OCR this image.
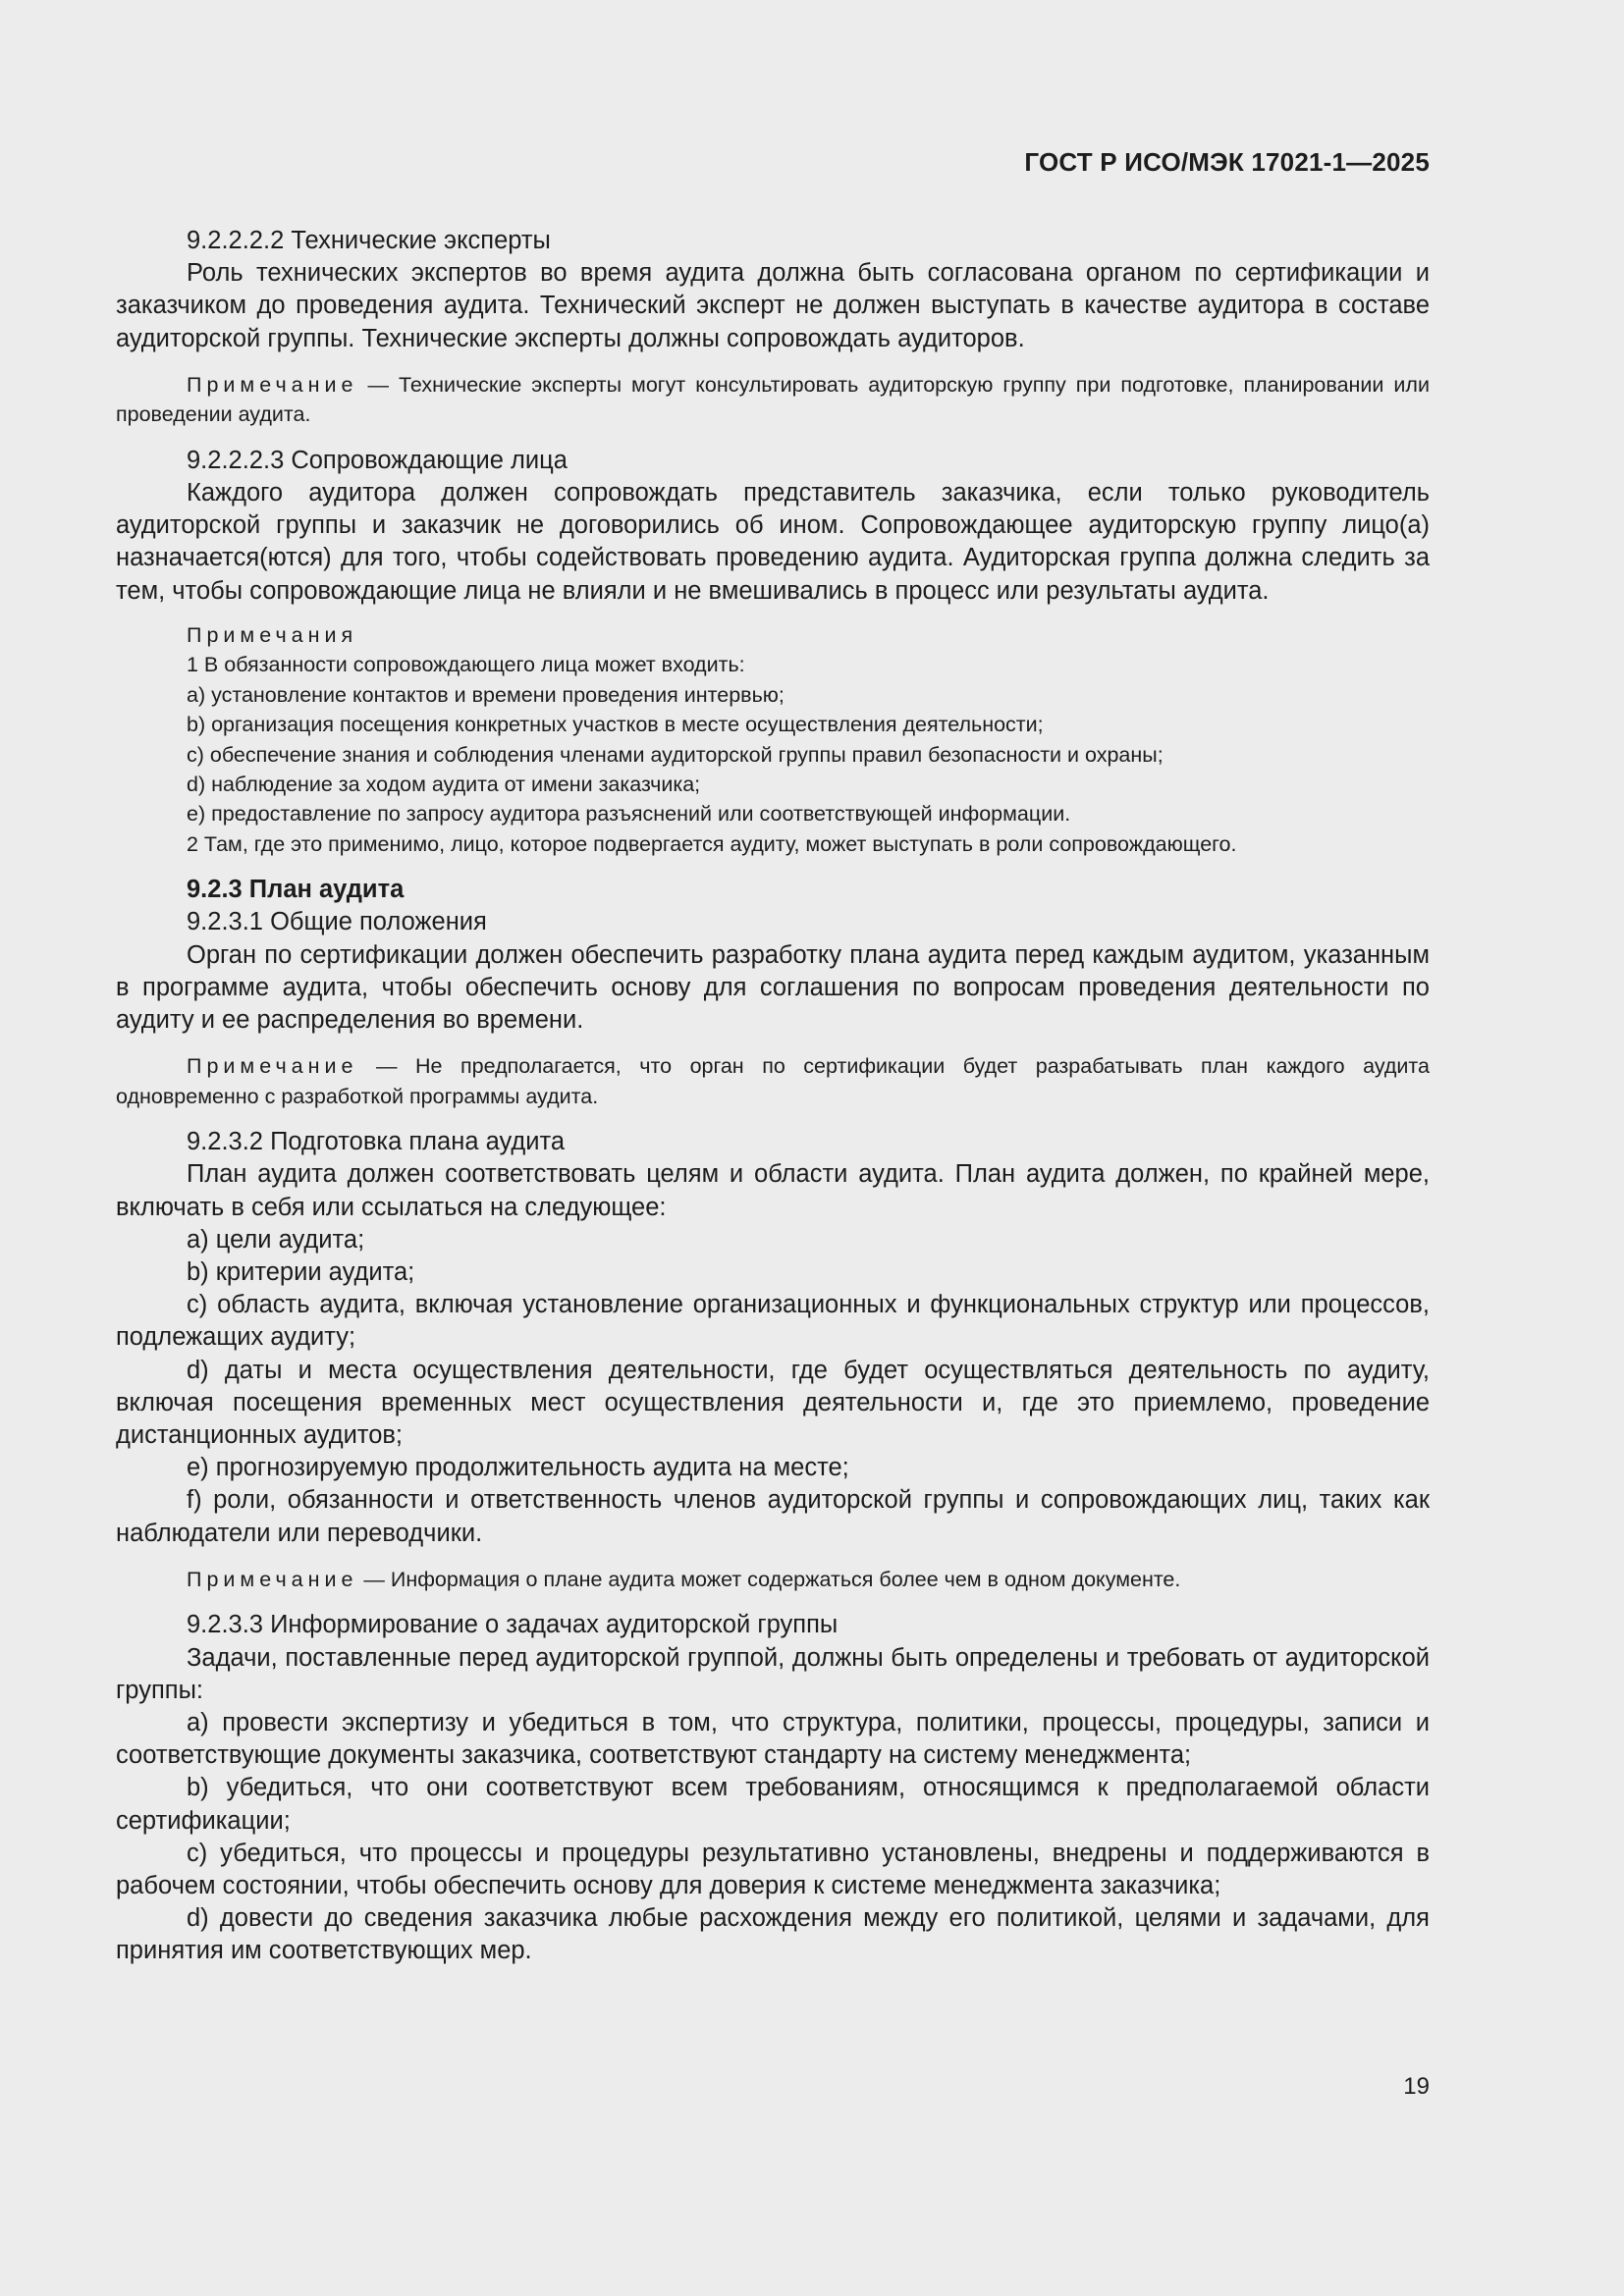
ГОСТ Р ИСО/МЭК 17021-1—2025

9.2.2.2.2 Технические эксперты

Роль технических экспертов во время аудита должна быть согласована органом по сертификации и заказчиком до проведения аудита. Технический эксперт не должен выступать в качестве аудитора в составе аудиторской группы. Технические эксперты должны сопровождать аудиторов.

Примечание — Технические эксперты могут консультировать аудиторскую группу при подготовке, планировании или проведении аудита.

9.2.2.2.3 Сопровождающие лица

Каждого аудитора должен сопровождать представитель заказчика, если только руководитель аудиторской группы и заказчик не договорились об ином. Сопровождающее аудиторскую группу лицо(а) назначается(ются) для того, чтобы содействовать проведению аудита. Аудиторская группа должна следить за тем, чтобы сопровождающие лица не влияли и не вмешивались в процесс или результаты аудита.

Примечания

1 В обязанности сопровождающего лица может входить:

a) установление контактов и времени проведения интервью;

b) организация посещения конкретных участков в месте осуществления деятельности;

c) обеспечение знания и соблюдения членами аудиторской группы правил безопасности и охраны;

d) наблюдение за ходом аудита от имени заказчика;

e) предоставление по запросу аудитора разъяснений или соответствующей информации.

2 Там, где это применимо, лицо, которое подвергается аудиту, может выступать в роли сопровождающего.

9.2.3 План аудита

9.2.3.1 Общие положения

Орган по сертификации должен обеспечить разработку плана аудита перед каждым аудитом, указанным в программе аудита, чтобы обеспечить основу для соглашения по вопросам проведения деятельности по аудиту и ее распределения во времени.

Примечание — Не предполагается, что орган по сертификации будет разрабатывать план каждого аудита одновременно с разработкой программы аудита.

9.2.3.2 Подготовка плана аудита

План аудита должен соответствовать целям и области аудита. План аудита должен, по крайней мере, включать в себя или ссылаться на следующее:

a) цели аудита;

b) критерии аудита;

c) область аудита, включая установление организационных и функциональных структур или процессов, подлежащих аудиту;

d) даты и места осуществления деятельности, где будет осуществляться деятельность по аудиту, включая посещения временных мест осуществления деятельности и, где это приемлемо, проведение дистанционных аудитов;

e) прогнозируемую продолжительность аудита на месте;

f) роли, обязанности и ответственность членов аудиторской группы и сопровождающих лиц, таких как наблюдатели или переводчики.

Примечание — Информация о плане аудита может содержаться более чем в одном документе.

9.2.3.3 Информирование о задачах аудиторской группы

Задачи, поставленные перед аудиторской группой, должны быть определены и требовать от аудиторской группы:

a) провести экспертизу и убедиться в том, что структура, политики, процессы, процедуры, записи и соответствующие документы заказчика, соответствуют стандарту на систему менеджмента;

b) убедиться, что они соответствуют всем требованиям, относящимся к предполагаемой области сертификации;

c) убедиться, что процессы и процедуры результативно установлены, внедрены и поддерживаются в рабочем состоянии, чтобы обеспечить основу для доверия к системе менеджмента заказчика;

d) довести до сведения заказчика любые расхождения между его политикой, целями и задачами, для принятия им соответствующих мер.

19
